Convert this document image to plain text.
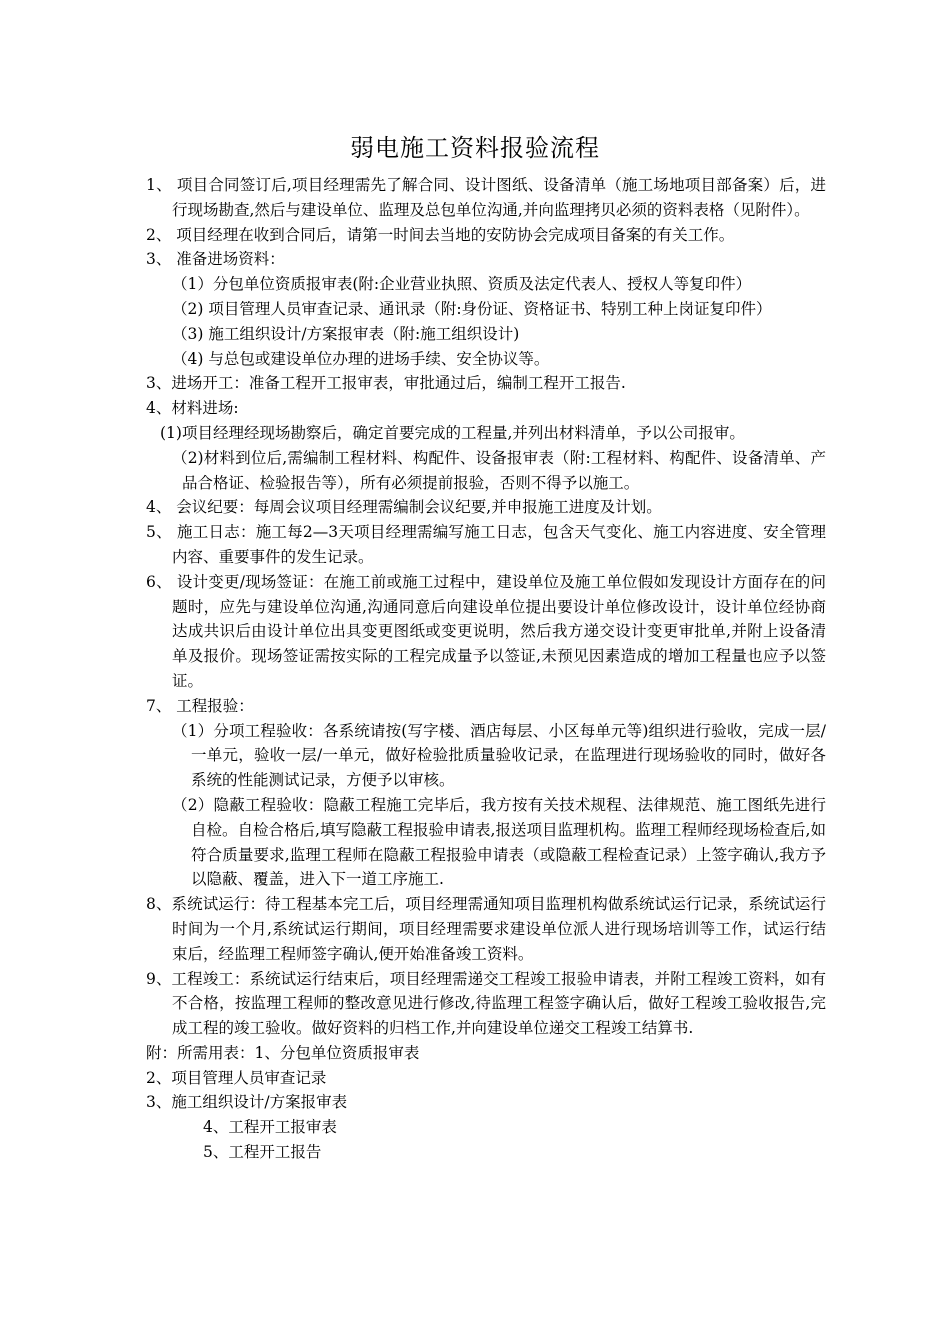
弱电施工资料报验流程

1、 项目合同签订后,项目经理需先了解合同、设计图纸、设备清单（施工场地项目部备案）后，进行现场勘查,然后与建设单位、监理及总包单位沟通,并向监理拷贝必须的资料表格（见附件）。

2、 项目经理在收到合同后，请第一时间去当地的安防协会完成项目备案的有关工作。

3、 准备进场资料：

（1）分包单位资质报审表(附:企业营业执照、资质及法定代表人、授权人等复印件）

（2) 项目管理人员审查记录、通讯录（附:身份证、资格证书、特别工种上岗证复印件）

（3) 施工组织设计/方案报审表（附:施工组织设计)

（4) 与总包或建设单位办理的进场手续、安全协议等。

3、进场开工：准备工程开工报审表，审批通过后，编制工程开工报告.

4、材料进场:

(1)项目经理经现场勘察后，确定首要完成的工程量,并列出材料清单，予以公司报审。

（2)材料到位后,需编制工程材料、构配件、设备报审表（附:工程材料、构配件、设备清单、产品合格证、检验报告等），所有必须提前报验，否则不得予以施工。

4、 会议纪要：每周会议项目经理需编制会议纪要,并申报施工进度及计划。

5、 施工日志：施工每2—3天项目经理需编写施工日志，包含天气变化、施工内容进度、安全管理内容、重要事件的发生记录。

6、 设计变更/现场签证：在施工前或施工过程中，建设单位及施工单位假如发现设计方面存在的问题时，应先与建设单位沟通,沟通同意后向建设单位提出要设计单位修改设计，设计单位经协商达成共识后由设计单位出具变更图纸或变更说明，然后我方递交设计变更审批单,并附上设备清单及报价。现场签证需按实际的工程完成量予以签证,未预见因素造成的增加工程量也应予以签证。

7、 工程报验：

（1）分项工程验收：各系统请按(写字楼、酒店每层、小区每单元等)组织进行验收，完成一层/一单元，验收一层/一单元，做好检验批质量验收记录，在监理进行现场验收的同时，做好各系统的性能测试记录，方便予以审核。

（2）隐蔽工程验收：隐蔽工程施工完毕后，我方按有关技术规程、法律规范、施工图纸先进行自检。自检合格后,填写隐蔽工程报验申请表,报送项目监理机构。监理工程师经现场检查后,如符合质量要求,监理工程师在隐蔽工程报验申请表（或隐蔽工程检查记录）上签字确认,我方予以隐蔽、覆盖，进入下一道工序施工.

8、系统试运行：待工程基本完工后，项目经理需通知项目监理机构做系统试运行记录，系统试运行时间为一个月,系统试运行期间，项目经理需要求建设单位派人进行现场培训等工作，试运行结束后，经监理工程师签字确认,便开始准备竣工资料。

9、工程竣工：系统试运行结束后，项目经理需递交工程竣工报验申请表，并附工程竣工资料，如有不合格，按监理工程师的整改意见进行修改,待监理工程签字确认后，做好工程竣工验收报告,完成工程的竣工验收。做好资料的归档工作,并向建设单位递交工程竣工结算书.

附：所需用表：1、分包单位资质报审表

2、项目管理人员审查记录

3、施工组织设计/方案报审表

4、工程开工报审表

5、工程开工报告
